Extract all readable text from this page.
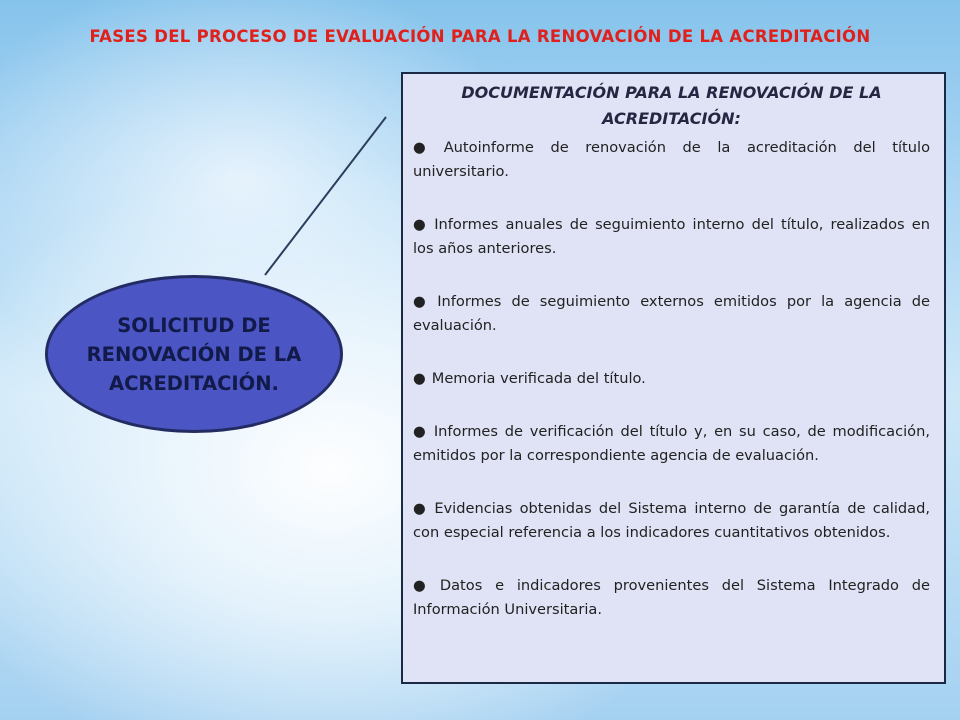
FASES DEL PROCESO DE EVALUACIÓN PARA LA RENOVACIÓN DE LA ACREDITACIÓN
SOLICITUD DE RENOVACIÓN DE LA ACREDITACIÓN.
DOCUMENTACIÓN PARA LA RENOVACIÓN DE LA ACREDITACIÓN:
● Autoinforme de renovación de la acreditación del título universitario.
● Informes anuales de seguimiento interno del título, realizados en los años anteriores.
● Informes de seguimiento externos emitidos por la agencia de evaluación.
● Memoria verificada del título.
● Informes de verificación del título y, en su caso, de modificación, emitidos por la correspondiente agencia de evaluación.
● Evidencias obtenidas del Sistema interno de garantía de calidad, con especial referencia a los indicadores cuantitativos obtenidos.
● Datos e indicadores provenientes del Sistema Integrado de Información Universitaria.
